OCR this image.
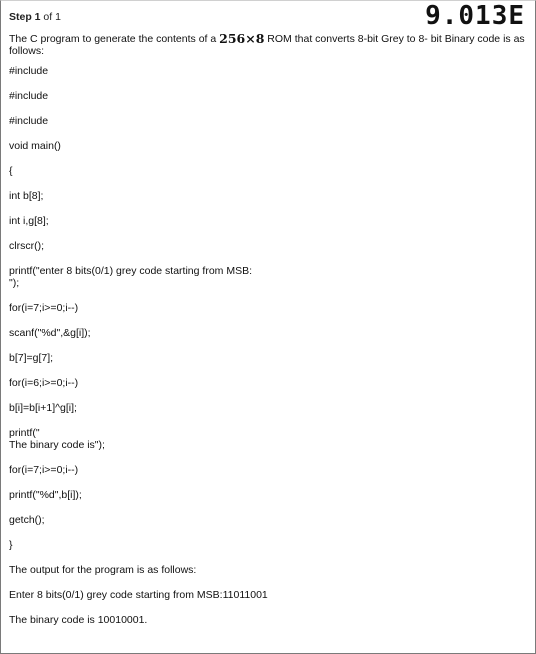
Step 1 of 1	9.013E

The C program to generate the contents of a 256×8 ROM that converts 8-bit Grey to 8- bit Binary code is as follows:

#include

#include

#include

void main()

{

int b[8];

int i,g[8];

clrscr();

printf("enter 8 bits(0/1) grey code starting from MSB:
");

for(i=7;i>=0;i--)

scanf("%d",&g[i]);

b[7]=g[7];

for(i=6;i>=0;i--)

b[i]=b[i+1]^g[i];

printf("
The binary code is");

for(i=7;i>=0;i--)

printf("%d",b[i]);

getch();

}

The output for the program is as follows:

Enter 8 bits(0/1) grey code starting from MSB:11011001

The binary code is 10010001.
